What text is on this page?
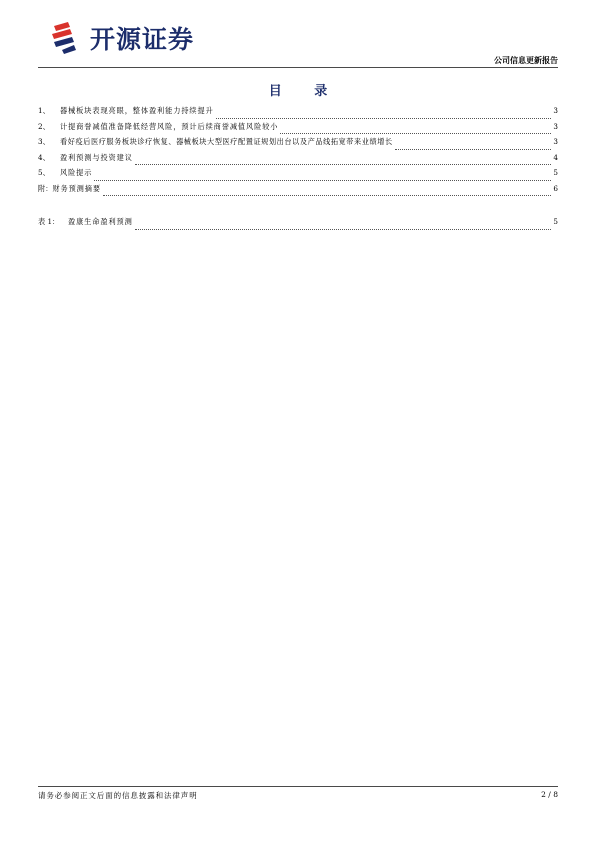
开源证券
公司信息更新报告
目 录
1、	器械板块表现亮眼，整体盈利能力持续提升	3
2、	计提商誉减值准备降低经营风险，预计后续商誉减值风险较小	3
3、	看好疫后医疗服务板块诊疗恢复、器械板块大型医疗配置证规划出台以及产品线拓宽带来业绩增长	3
4、	盈利预测与投资建议	4
5、	风险提示	5
附： 财务预测摘要	6
表 1：	盈康生命盈利预测	5
请务必参阅正文后面的信息披露和法律声明	2 / 8
